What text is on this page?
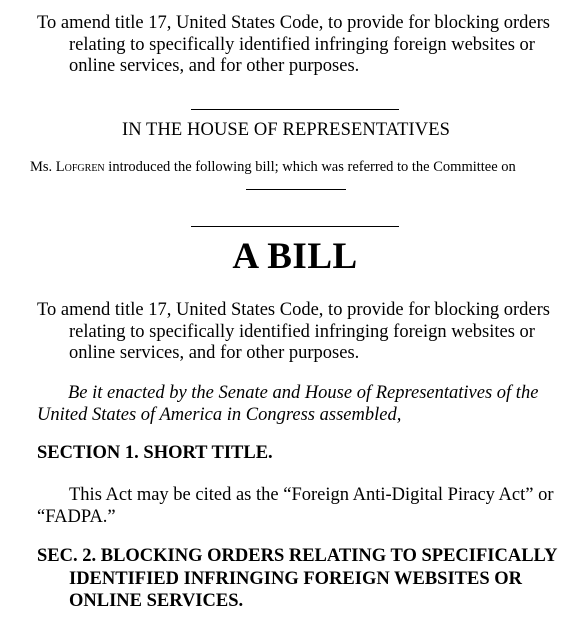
To amend title 17, United States Code, to provide for blocking orders relating to specifically identified infringing foreign websites or online services, and for other purposes.
IN THE HOUSE OF REPRESENTATIVES
Ms. Lofgren introduced the following bill; which was referred to the Committee on
A BILL
To amend title 17, United States Code, to provide for blocking orders relating to specifically identified infringing foreign websites or online services, and for other purposes.
Be it enacted by the Senate and House of Representatives of the United States of America in Congress assembled,
SECTION 1. SHORT TITLE.
This Act may be cited as the “Foreign Anti-Digital Piracy Act” or “FADPA.”
SEC. 2. BLOCKING ORDERS RELATING TO SPECIFICALLY IDENTIFIED INFRINGING FOREIGN WEBSITES OR ONLINE SERVICES.
